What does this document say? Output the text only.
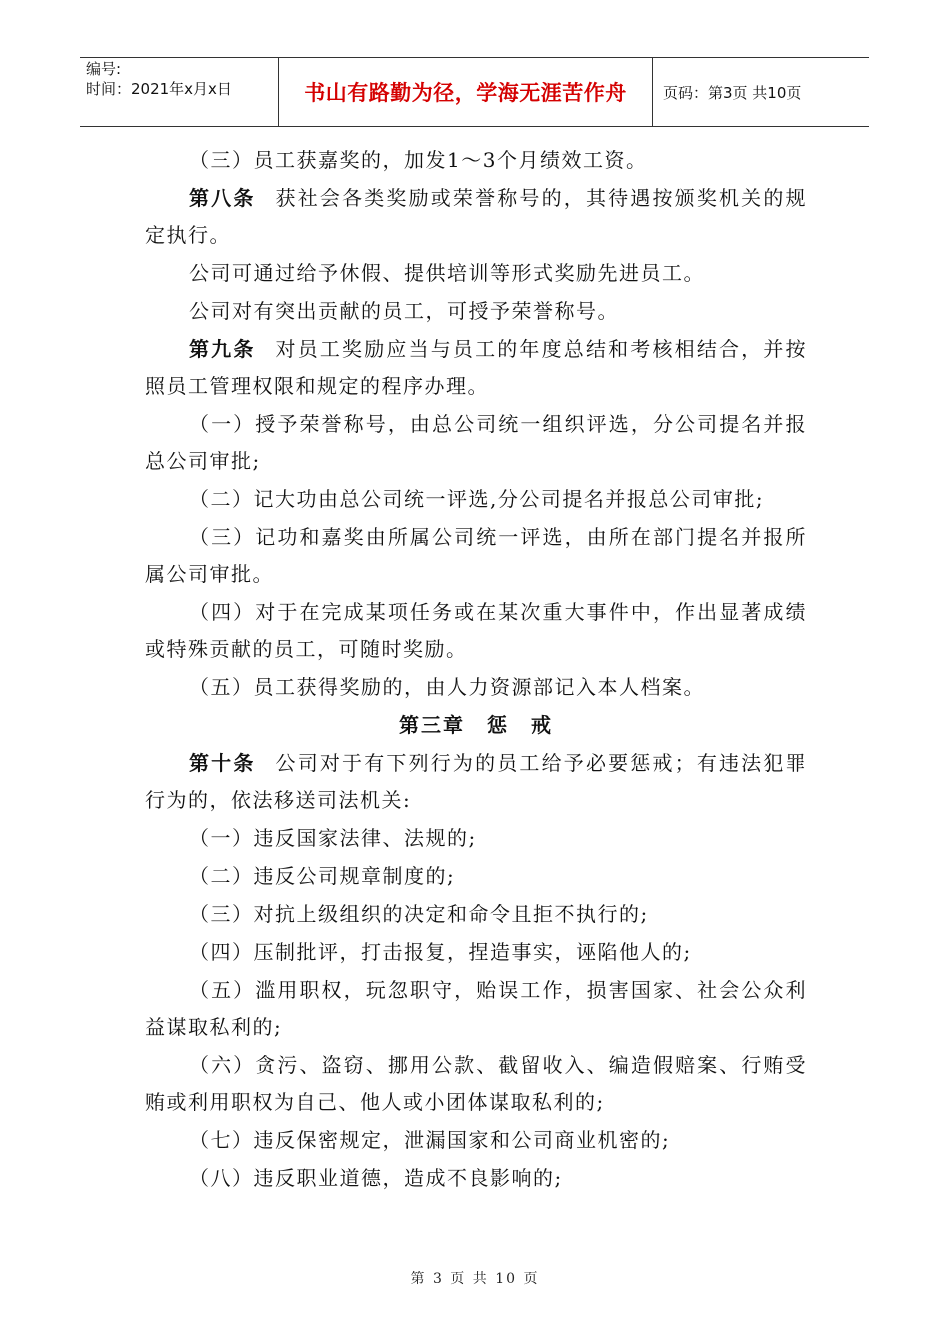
编号:
时间：2021年x月x日	书山有路勤为径，学海无涯苦作舟	页码：第3页 共10页

（三）员工获嘉奖的，加发1～3个月绩效工资。

第八条 获社会各类奖励或荣誉称号的，其待遇按颁奖机关的规定执行。

公司可通过给予休假、提供培训等形式奖励先进员工。

公司对有突出贡献的员工，可授予荣誉称号。

第九条 对员工奖励应当与员工的年度总结和考核相结合，并按照员工管理权限和规定的程序办理。

（一）授予荣誉称号，由总公司统一组织评选，分公司提名并报总公司审批;

（二）记大功由总公司统一评选,分公司提名并报总公司审批;

（三）记功和嘉奖由所属公司统一评选，由所在部门提名并报所属公司审批。

（四）对于在完成某项任务或在某次重大事件中，作出显著成绩或特殊贡献的员工，可随时奖励。

（五）员工获得奖励的，由人力资源部记入本人档案。

第三章　惩　戒

第十条 公司对于有下列行为的员工给予必要惩戒；有违法犯罪行为的，依法移送司法机关:

（一）违反国家法律、法规的;

（二）违反公司规章制度的;

（三）对抗上级组织的决定和命令且拒不执行的;

（四）压制批评，打击报复，捏造事实，诬陷他人的;

（五）滥用职权，玩忽职守，贻误工作，损害国家、社会公众利益谋取私利的;

（六）贪污、盗窃、挪用公款、截留收入、编造假赔案、行贿受贿或利用职权为自己、他人或小团体谋取私利的;

（七）违反保密规定，泄漏国家和公司商业机密的;

（八）违反职业道德，造成不良影响的;

第 3 页 共 10 页
